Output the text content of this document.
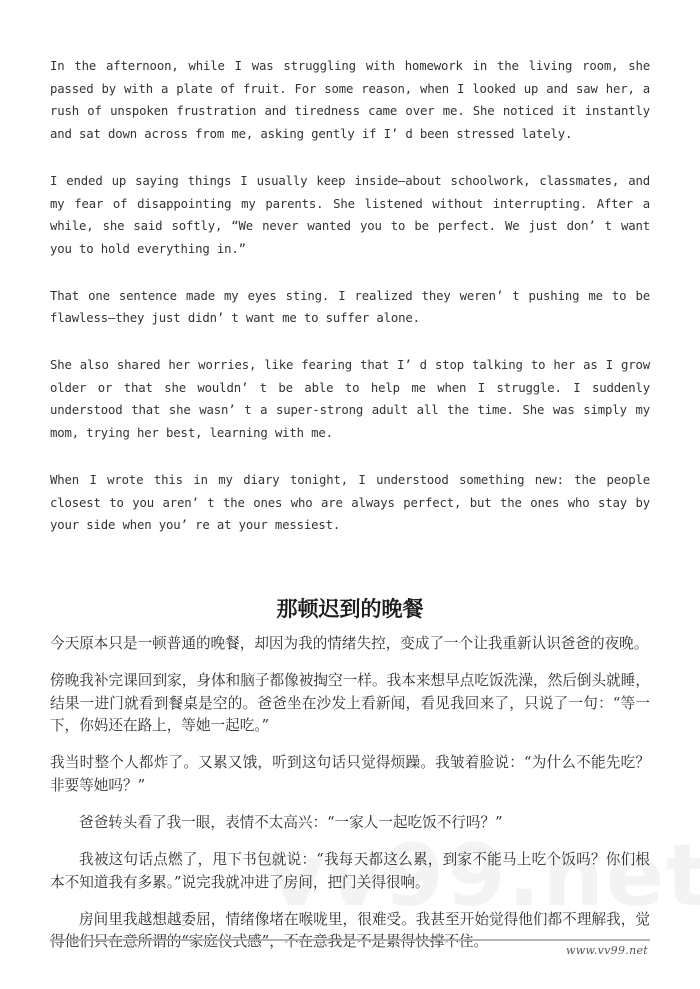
In the afternoon, while I was struggling with homework in the living room, she passed by with a plate of fruit. For some reason, when I looked up and saw her, a rush of unspoken frustration and tiredness came over me. She noticed it instantly and sat down across from me, asking gently if I’ d been stressed lately.

I ended up saying things I usually keep inside—about schoolwork, classmates, and my fear of disappointing my parents. She listened without interrupting. After a while, she said softly, “We never wanted you to be perfect. We just don’ t want you to hold everything in.”

That one sentence made my eyes sting. I realized they weren’ t pushing me to be flawless—they just didn’ t want me to suffer alone.

She also shared her worries, like fearing that I’ d stop talking to her as I grow older or that she wouldn’ t be able to help me when I struggle. I suddenly understood that she wasn’ t a super-strong adult all the time. She was simply my mom, trying her best, learning with me.

When I wrote this in my diary tonight, I understood something new: the people closest to you aren’ t the ones who are always perfect, but the ones who stay by your side when you’ re at your messiest.

那顿迟到的晚餐

今天原本只是一顿普通的晚餐，却因为我的情绪失控，变成了一个让我重新认识爸爸的夜晚。

傍晚我补完课回到家，身体和脑子都像被掏空一样。我本来想早点吃饭洗澡，然后倒头就睡，结果一进门就看到餐桌是空的。爸爸坐在沙发上看新闻，看见我回来了，只说了一句：“等一下，你妈还在路上，等她一起吃。”

我当时整个人都炸了。又累又饿，听到这句话只觉得烦躁。我皱着脸说：“为什么不能先吃？非要等她吗？”

爸爸转头看了我一眼，表情不太高兴：“一家人一起吃饭不行吗？”

我被这句话点燃了，甩下书包就说：“我每天都这么累，到家不能马上吃个饭吗？你们根本不知道我有多累。”说完我就冲进了房间，把门关得很响。

房间里我越想越委屈，情绪像堵在喉咙里，很难受。我甚至开始觉得他们都不理解我，觉得他们只在意所谓的“家庭仪式感”，不在意我是不是累得快撑不住。

www.vv99.net
